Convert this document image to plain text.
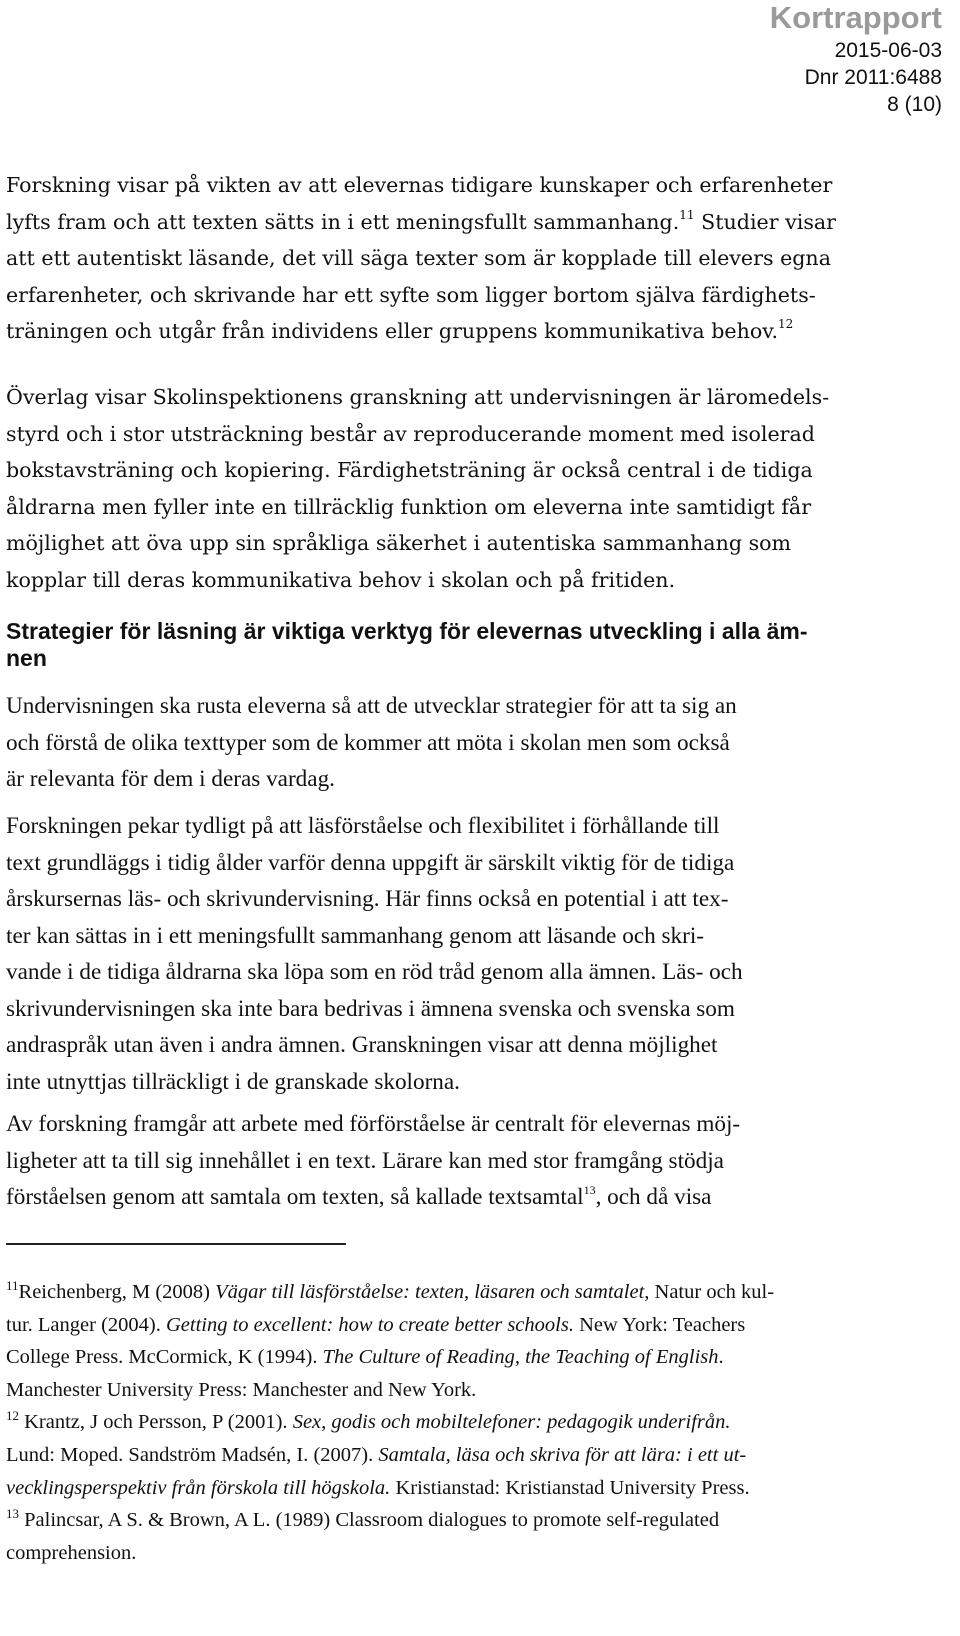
Kortrapport
2015-06-03
Dnr 2011:6488
8 (10)

Forskning visar på vikten av att elevernas tidigare kunskaper och erfarenheter

lyfts fram och att texten sätts in i ett meningsfullt sammanhang.$^{11}$ Studier visar

att ett autentiskt läsande, det vill säga texter som är kopplade till elevers egna

erfarenheter, och skrivande har ett syfte som ligger bortom själva färdighets-

träningen och utgår från individens eller gruppens kommunikativa behov.$^{12}$

Överlag visar Skolinspektionens granskning att undervisningen är läromedels-

styrd och i stor utsträckning består av reproducerande moment med isolerad

bokstavsträning och kopiering. Färdighetsträning är också central i de tidiga

åldrarna men fyller inte en tillräcklig funktion om eleverna inte samtidigt får

möjlighet att öva upp sin språkliga säkerhet i autentiska sammanhang som

kopplar till deras kommunikativa behov i skolan och på fritiden.

Strategier för läsning är viktiga verktyg för elevernas utveckling i alla äm-
nen

Undervisningen ska rusta eleverna så att de utvecklar strategier för att ta sig an

och förstå de olika texttyper som de kommer att möta i skolan men som också

är relevanta för dem i deras vardag.

Forskningen pekar tydligt på att läsförståelse och flexibilitet i förhållande till

text grundläggs i tidig ålder varför denna uppgift är särskilt viktig för de tidiga

årskursernas läs- och skrivundervisning. Här finns också en potential i att tex-

ter kan sättas in i ett meningsfullt sammanhang genom att läsande och skri-

vande i de tidiga åldrarna ska löpa som en röd tråd genom alla ämnen. Läs- och

skrivundervisningen ska inte bara bedrivas i ämnena svenska och svenska som

andraspråk utan även i andra ämnen. Granskningen visar att denna möjlighet

inte utnyttjas tillräckligt i de granskade skolorna.

Av forskning framgår att arbete med förförståelse är centralt för elevernas möj-

ligheter att ta till sig innehållet i en text. Lärare kan med stor framgång stödja

förståelsen genom att samtala om texten, så kallade textsamtal$^{13}$, och då visa

$^{11}$Reichenberg, M (2008) Vägar till läsförståelse: texten, läsaren och samtalet, Natur och kul-

tur. Langer (2004). Getting to excellent: how to create better schools. New York: Teachers

College Press. McCormick, K (1994). The Culture of Reading, the Teaching of English.

Manchester University Press: Manchester and New York.

$^{12}$ Krantz, J och Persson, P (2001). Sex, godis och mobiltelefoner: pedagogik underifrån.

Lund: Moped. Sandström Madsén, I. (2007). Samtala, läsa och skriva för att lära: i ett ut-

vecklingsperspektiv från förskola till högskola. Kristianstad: Kristianstad University Press.

$^{13}$ Palincsar, A S. & Brown, A L. (1989) Classroom dialogues to promote self-regulated

comprehension.
